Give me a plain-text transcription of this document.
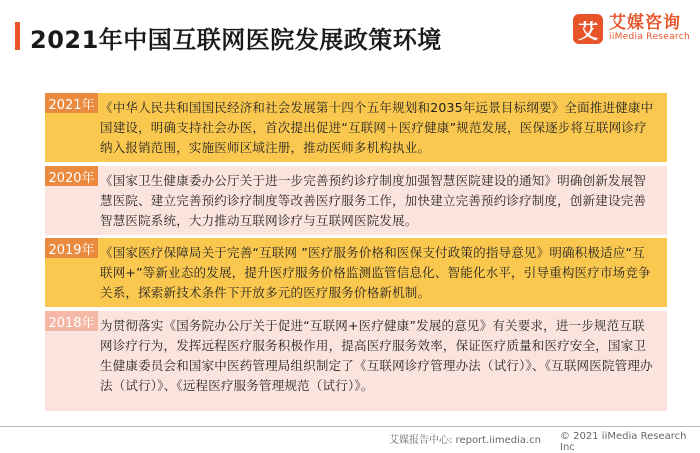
2021年中国互联网医院发展政策环境	艾 艾媒咨询
iiMedia Research
2021年 《中华人民共和国国民经济和社会发展第十四个五年规划和2035年远景目标纲要》全面推进健康中国建设，明确支持社会办医，首次提出促进“互联网＋医疗健康”规范发展，医保逐步将互联网诊疗纳入报销范围，实施医师区域注册，推动医师多机构执业。
2020年 《国家卫生健康委办公厅关于进一步完善预约诊疗制度加强智慧医院建设的通知》明确创新发展智慧医院、建立完善预约诊疗制度等改善医疗服务工作，加快建立完善预约诊疗制度，创新建设完善智慧医院系统，大力推动互联网诊疗与互联网医院发展。
2019年 《国家医疗保障局关于完善“互联网 ”医疗服务价格和医保支付政策的指导意见》明确积极适应“互联网+”等新业态的发展，提升医疗服务价格监测监管信息化、智能化水平，引导重构医疗市场竞争关系，探索新技术条件下开放多元的医疗服务价格新机制。
2018年 为贯彻落实《国务院办公厅关于促进“互联网+医疗健康”发展的意见》有关要求，进一步规范互联网诊疗行为，发挥远程医疗服务积极作用，提高医疗服务效率，保证医疗质量和医疗安全，国家卫生健康委员会和国家中医药管理局组织制定了《互联网诊疗管理办法（试行）》、《互联网医院管理办法（试行）》、《远程医疗服务管理规范（试行）》。
艾媒报告中心: report.iimedia.cn © 2021 iiMedia Research Inc
